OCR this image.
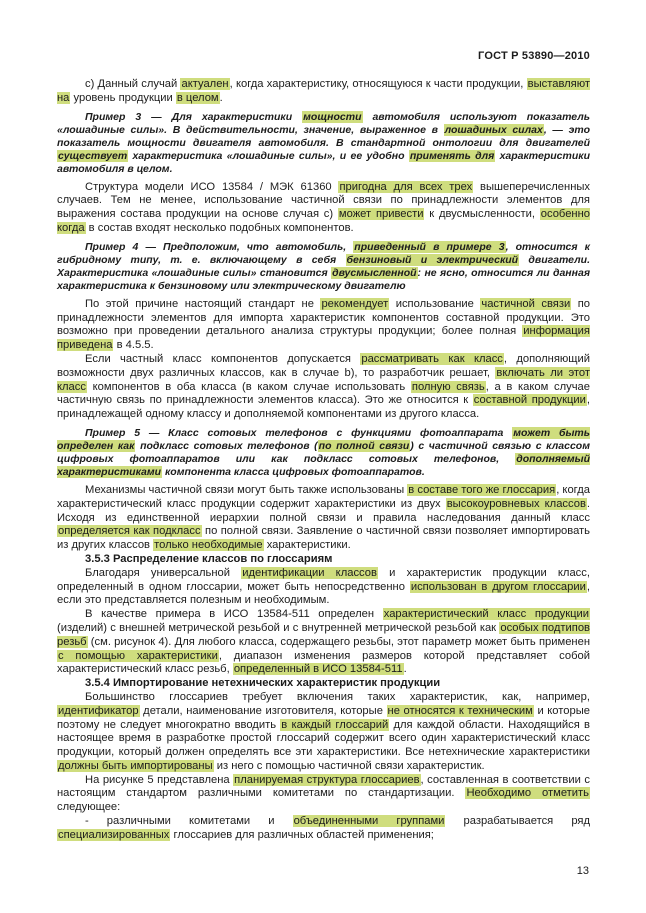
ГОСТ Р 53890—2010

с) Данный случай актуален, когда характеристику, относящуюся к части продукции, выставляют на уровень продукции в целом.

Пример 3 — Для характеристики мощности автомобиля используют показатель «лошадиные силы». В действительности, значение, выраженное в лошадиных силах, — это показатель мощности двигателя автомобиля. В стандартной онтологии для двигателей существует характеристика «лошадиные силы», и ее удобно применять для характеристики автомобиля в целом.

Структура модели ИСО 13584 / МЭК 61360 пригодна для всех трех вышеперечисленных случаев. Тем не менее, использование частичной связи по принадлежности элементов для выражения состава продукции на основе случая с) может привести к двусмысленности, особенно когда в состав входят несколько подобных компонентов.

Пример 4 — Предположим, что автомобиль, приведенный в примере 3, относится к гибридному типу, т. е. включающему в себя бензиновый и электрический двигатели. Характеристика «лошадиные силы» становится двусмысленной: не ясно, относится ли данная характеристика к бензиновому или электрическому двигателю

По этой причине настоящий стандарт не рекомендует использование частичной связи по принадлежности элементов для импорта характеристик компонентов составной продукции. Это возможно при проведении детального анализа структуры продукции; более полная информация приведена в 4.5.5.

Если частный класс компонентов допускается рассматривать как класс, дополняющий возможности двух различных классов, как в случае b), то разработчик решает, включать ли этот класс компонентов в оба класса (в каком случае использовать полную связь, а в каком случае частичную связь по принадлежности элементов класса). Это же относится к составной продукции, принадлежащей одному классу и дополняемой компонентами из другого класса.

Пример 5 — Класс сотовых телефонов с функциями фотоаппарата может быть определен как подкласс сотовых телефонов (по полной связи) с частичной связью с классом цифровых фотоаппаратов или как подкласс сотовых телефонов, дополняемый характеристиками компонента класса цифровых фотоаппаратов.

Механизмы частичной связи могут быть также использованы в составе того же глоссария, когда характеристический класс продукции содержит характеристики из двух высокоуровневых классов. Исходя из единственной иерархии полной связи и правила наследования данный класс определяется как подкласс по полной связи. Заявление о частичной связи позволяет импортировать из других классов только необходимые характеристики.

3.5.3 Распределение классов по глоссариям

Благодаря универсальной идентификации классов и характеристик продукции класс, определенный в одном глоссарии, может быть непосредственно использован в другом глоссарии, если это представляется полезным и необходимым.

В качестве примера в ИСО 13584-511 определен характеристический класс продукции (изделий) с внешней метрической резьбой и с внутренней метрической резьбой как особых подтипов резьб (см. рисунок 4). Для любого класса, содержащего резьбы, этот параметр может быть применен с помощью характеристики, диапазон изменения размеров которой представляет собой характеристический класс резьб, определенный в ИСО 13584-511.

3.5.4 Импортирование нетехнических характеристик продукции

Большинство глоссариев требует включения таких характеристик, как, например, идентификатор детали, наименование изготовителя, которые не относятся к техническим и которые поэтому не следует многократно вводить в каждый глоссарий для каждой области. Находящийся в настоящее время в разработке простой глоссарий содержит всего один характеристический класс продукции, который должен определять все эти характеристики. Все нетехнические характеристики должны быть импортированы из него с помощью частичной связи характеристик.

На рисунке 5 представлена планируемая структура глоссариев, составленная в соответствии с настоящим стандартом различными комитетами по стандартизации. Необходимо отметить следующее:

- различными комитетами и объединенными группами разрабатывается ряд специализированных глоссариев для различных областей применения;

13
